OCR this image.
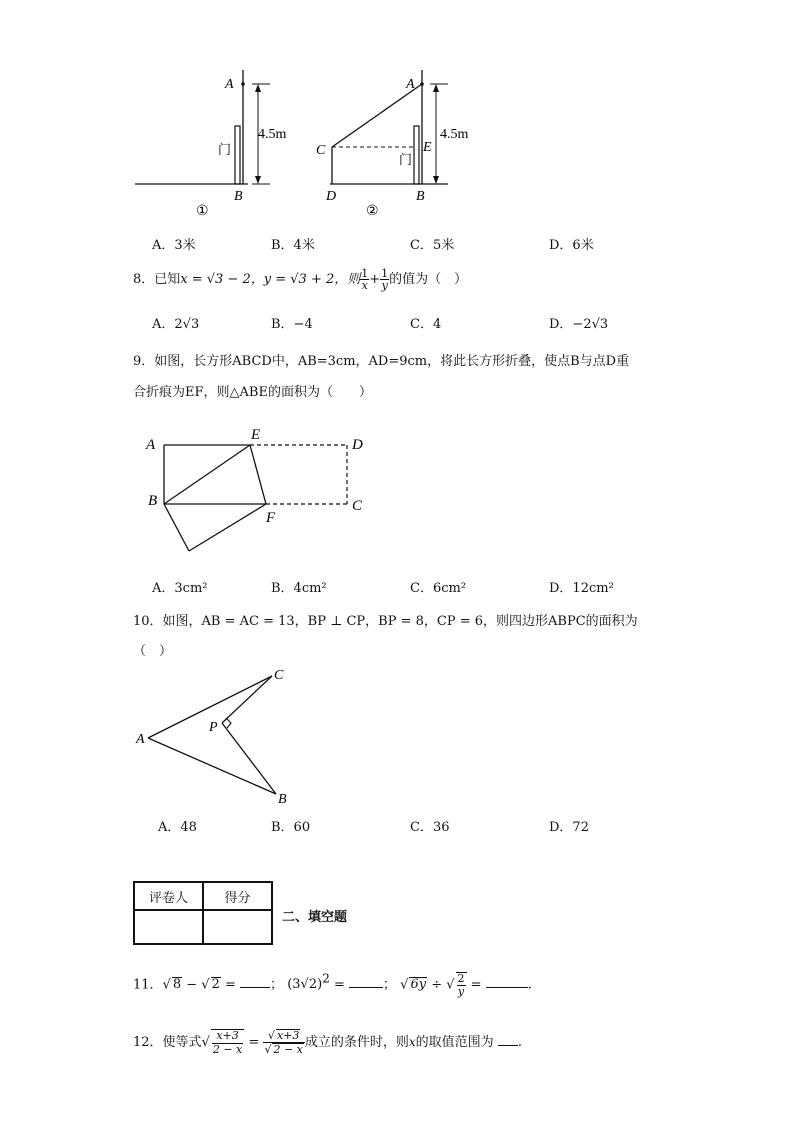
A
门
4.5m
B
①
A
C	E
门
4.5m
D	B
②
A．3米	B．4米	C．5米	D．6米
8．已知x = √3 − 2，y = √3 + 2，则 $\frac{1}{x} + \frac{1}{y}$ 的值为（　）
A．2√3	B．−4	C．4	D．−2√3
9．如图，长方形ABCD中，AB=3cm，AD=9cm，将此长方形折叠，使点B与点D重
合折痕为EF，则△ABE的面积为（　　）
A
E
D
B	C
F
A．3cm²	B．4cm²	C．6cm²	D．12cm²
10．如图，AB = AC = 13，BP ⊥ CP，BP = 8，CP = 6，则四边形ABPC的面积为
（　）
C
P
A
B
A．48	B．60	C．36	D．72
评卷人	得分

二、填空题
11．√ 8 − √ 2 = ； $(3√2)^2$ =	； √ 6y ÷ √ $\frac{2}{y}$ =	.
12．使等式√ $\frac{x+3}{2 - x} = \frac{√ x+3}{√ 2 - x}$ 成立的条件时，则x的取值范围为 .
